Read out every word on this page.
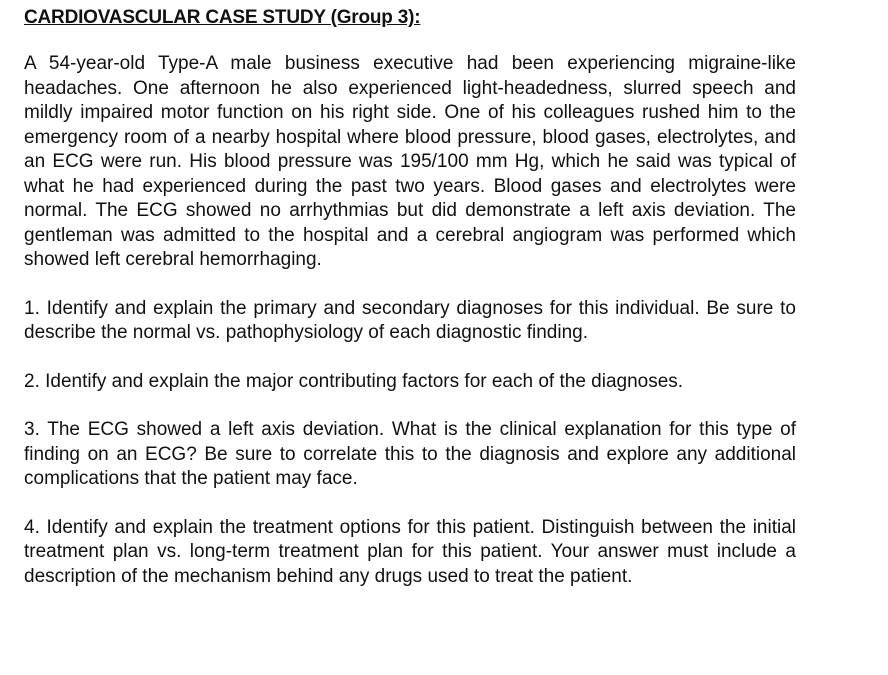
CARDIOVASCULAR CASE STUDY (Group 3):

A 54-year-old Type-A male business executive had been experiencing migraine-like headaches. One afternoon he also experienced light-headedness, slurred speech and mildly impaired motor function on his right side. One of his colleagues rushed him to the emergency room of a nearby hospital where blood pressure, blood gases, electrolytes, and an ECG were run. His blood pressure was 195/100 mm Hg, which he said was typical of what he had experienced during the past two years. Blood gases and electrolytes were normal. The ECG showed no arrhythmias but did demonstrate a left axis deviation. The gentleman was admitted to the hospital and a cerebral angiogram was performed which showed left cerebral hemorrhaging.

1. Identify and explain the primary and secondary diagnoses for this individual. Be sure to describe the normal vs. pathophysiology of each diagnostic finding.

2. Identify and explain the major contributing factors for each of the diagnoses.

3. The ECG showed a left axis deviation. What is the clinical explanation for this type of finding on an ECG? Be sure to correlate this to the diagnosis and explore any additional complications that the patient may face.

4. Identify and explain the treatment options for this patient. Distinguish between the initial treatment plan vs. long-term treatment plan for this patient. Your answer must include a description of the mechanism behind any drugs used to treat the patient.
